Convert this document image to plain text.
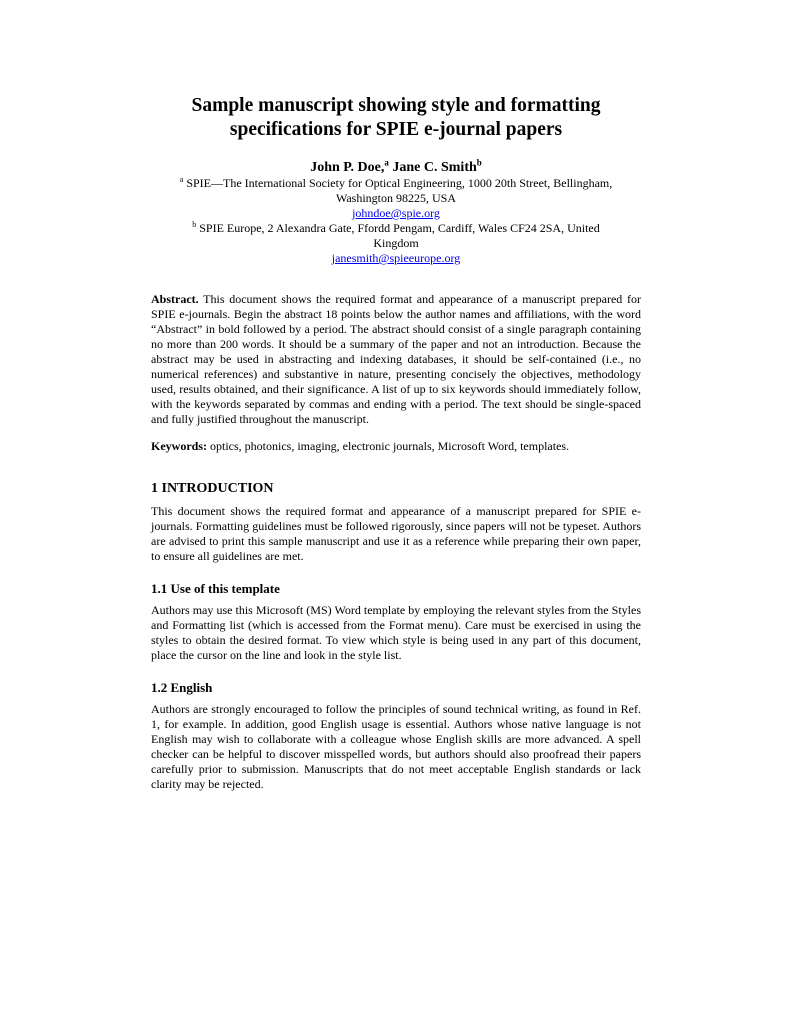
Sample manuscript showing style and formatting
specifications for SPIE e-journal papers
John P. Doe,$^a$ Jane C. Smith$^b$
$^a$ SPIE—The International Society for Optical Engineering, 1000 20th Street, Bellingham,
Washington 98225, USA
johndoe@spie.org
$^b$ SPIE Europe, 2 Alexandra Gate, Ffordd Pengam, Cardiff, Wales CF24 2SA, United
Kingdom
janesmith@spieeurope.org

Abstract. This document shows the required format and appearance of a manuscript prepared for SPIE e-journals. Begin the abstract 18 points below the author names and affiliations, with the word “Abstract” in bold followed by a period. The abstract should consist of a single paragraph containing no more than 200 words. It should be a summary of the paper and not an introduction. Because the abstract may be used in abstracting and indexing databases, it should be self-contained (i.e., no numerical references) and substantive in nature, presenting concisely the objectives, methodology used, results obtained, and their significance. A list of up to six keywords should immediately follow, with the keywords separated by commas and ending with a period. The text should be single-spaced and fully justified throughout the manuscript.

Keywords: optics, photonics, imaging, electronic journals, Microsoft Word, templates.

1 INTRODUCTION

This document shows the required format and appearance of a manuscript prepared for SPIE e-journals. Formatting guidelines must be followed rigorously, since papers will not be typeset. Authors are advised to print this sample manuscript and use it as a reference while preparing their own paper, to ensure all guidelines are met.

1.1 Use of this template

Authors may use this Microsoft (MS) Word template by employing the relevant styles from the Styles and Formatting list (which is accessed from the Format menu). Care must be exercised in using the styles to obtain the desired format. To view which style is being used in any part of this document, place the cursor on the line and look in the style list.

1.2 English

Authors are strongly encouraged to follow the principles of sound technical writing, as found in Ref. 1, for example. In addition, good English usage is essential. Authors whose native language is not English may wish to collaborate with a colleague whose English skills are more advanced. A spell checker can be helpful to discover misspelled words, but authors should also proofread their papers carefully prior to submission. Manuscripts that do not meet acceptable English standards or lack clarity may be rejected.
